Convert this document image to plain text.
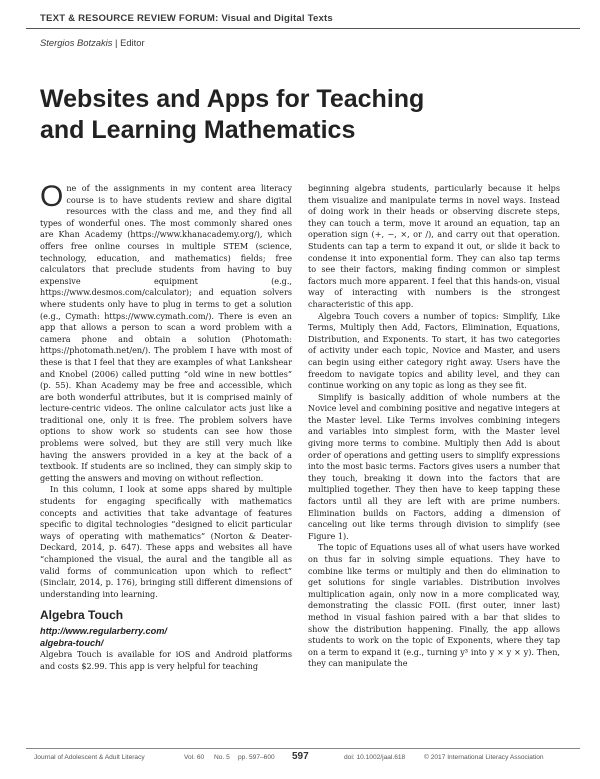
TEXT & RESOURCE REVIEW FORUM: Visual and Digital Texts
Stergios Botzakis | Editor
Websites and Apps for Teaching
and Learning Mathematics

One of the assignments in my content area literacy course is to have students review and share digital resources with the class and me, and they find all types of wonderful ones. The most commonly shared ones are Khan Academy (https://www.khanacademy.org/), which offers free online courses in multiple STEM (science, technology, education, and mathematics) fields; free calculators that preclude students from having to buy expensive equipment (e.g., https://www.desmos.com/calculator); and equation solvers where students only have to plug in terms to get a solution (e.g., Cymath: https://www.cymath.com/). There is even an app that allows a person to scan a word problem with a camera phone and obtain a solution (Photomath: https://photomath.net/en/). The problem I have with most of these is that I feel that they are examples of what Lankshear and Knobel (2006) called putting “old wine in new bottles” (p. 55). Khan Academy may be free and accessible, which are both wonderful attributes, but it is comprised mainly of lecture-centric videos. The online calculator acts just like a traditional one, only it is free. The problem solvers have options to show work so students can see how those problems were solved, but they are still very much like having the answers provided in a key at the back of a textbook. If students are so inclined, they can simply skip to getting the answers and moving on without reflection.

In this column, I look at some apps shared by multiple students for engaging specifically with mathematics concepts and activities that take advantage of features specific to digital technologies “designed to elicit particular ways of operating with mathematics” (Norton & Deater-Deckard, 2014, p. 647). These apps and websites all have “championed the visual, the aural and the tangible all as valid forms of communication upon which to reflect” (Sinclair, 2014, p. 176), bringing still different dimensions of understanding into learning.

Algebra Touch
http://www.regularberry.com/
algebra-touch/

Algebra Touch is available for iOS and Android platforms and costs $2.99. This app is very helpful for teaching

beginning algebra students, particularly because it helps them visualize and manipulate terms in novel ways. Instead of doing work in their heads or observing discrete steps, they can touch a term, move it around an equation, tap an operation sign (+, −, ×, or /), and carry out that operation. Students can tap a term to expand it out, or slide it back to condense it into exponential form. They can also tap terms to see their factors, making finding common or simplest factors much more apparent. I feel that this hands-on, visual way of interacting with numbers is the strongest characteristic of this app.

Algebra Touch covers a number of topics: Simplify, Like Terms, Multiply then Add, Factors, Elimination, Equations, Distribution, and Exponents. To start, it has two categories of activity under each topic, Novice and Master, and users can begin using either category right away. Users have the freedom to navigate topics and ability level, and they can continue working on any topic as long as they see fit.

Simplify is basically addition of whole numbers at the Novice level and combining positive and negative integers at the Master level. Like Terms involves combining integers and variables into simplest form, with the Master level giving more terms to combine. Multiply then Add is about order of operations and getting users to simplify expressions into the most basic terms. Factors gives users a number that they touch, breaking it down into the factors that are multiplied together. They then have to keep tapping these factors until all they are left with are prime numbers. Elimination builds on Factors, adding a dimension of canceling out like terms through division to simplify (see Figure 1).

The topic of Equations uses all of what users have worked on thus far in solving simple equations. They have to combine like terms or multiply and then do elimination to get solutions for single variables. Distribution involves multiplication again, only now in a more complicated way, demonstrating the classic FOIL (first outer, inner last) method in visual fashion paired with a bar that slides to show the distribution happening. Finally, the app allows students to work on the topic of Exponents, where they tap on a term to expand it (e.g., turning y³ into y × y × y). Then, they can manipulate the

Journal of Adolescent & Adult Literacy	Vol. 60 No. 5 pp. 597–600 597	doi: 10.1002/jaal.618	© 2017 International Literacy Association
